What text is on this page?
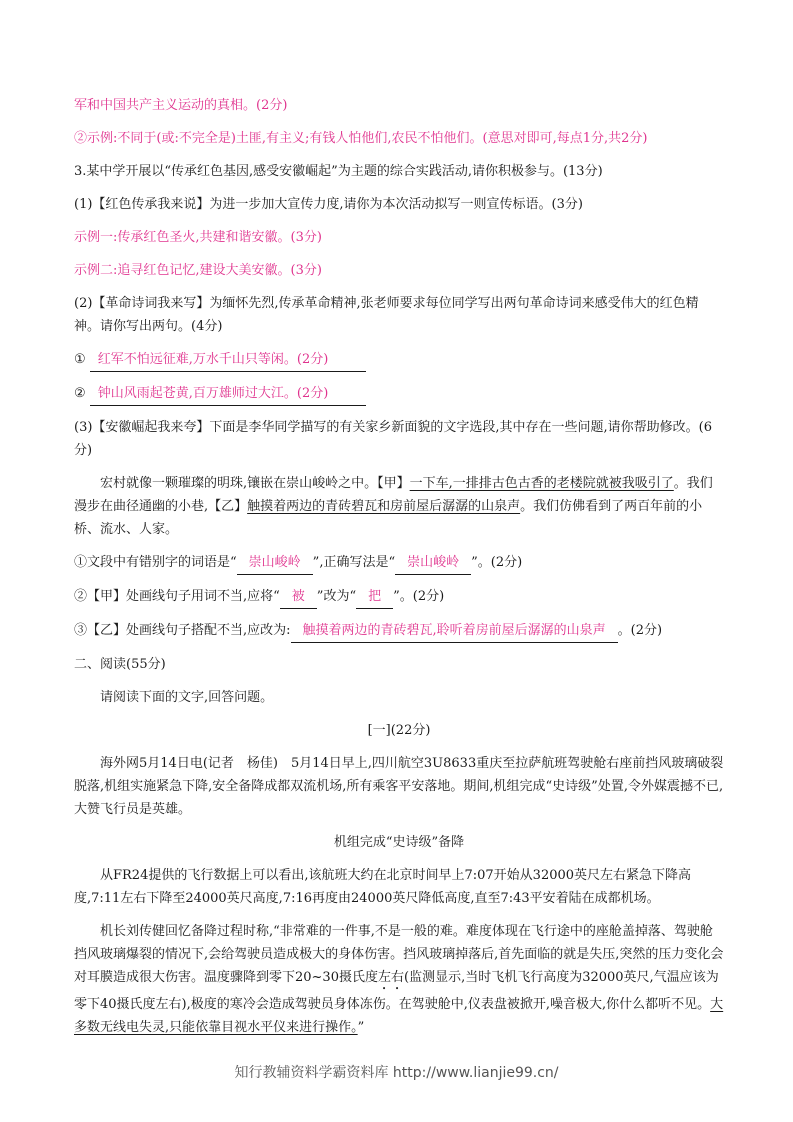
军和中国共产主义运动的真相。(2分)

②示例:不同于(或:不完全是)土匪,有主义;有钱人怕他们,农民不怕他们。(意思对即可,每点1分,共2分)

3.某中学开展以“传承红色基因,感受安徽崛起”为主题的综合实践活动,请你积极参与。(13分)

(1)【红色传承我来说】为进一步加大宣传力度,请你为本次活动拟写一则宣传标语。(3分)

示例一:传承红色圣火,共建和谐安徽。(3分)

示例二:追寻红色记忆,建设大美安徽。(3分)

(2)【革命诗词我来写】为缅怀先烈,传承革命精神,张老师要求每位同学写出两句革命诗词来感受伟大的红色精神。请你写出两句。(4分)

① 红军不怕远征难,万水千山只等闲。(2分)

② 钟山风雨起苍黄,百万雄师过大江。(2分)

(3)【安徽崛起我来夸】下面是李华同学描写的有关家乡新面貌的文字选段,其中存在一些问题,请你帮助修改。(6分)

宏村就像一颗璀璨的明珠,镶嵌在崇山峻岭之中。【甲】一下车,一排排古色古香的老楼院就被我吸引了。我们漫步在曲径通幽的小巷,【乙】触摸着两边的青砖碧瓦和房前屋后潺潺的山泉声。我们仿佛看到了两百年前的小桥、流水、人家。

①文段中有错别字的词语是“ 崇山峻岭 ”,正确写法是“ 崇山峻岭 ”。(2分)

②【甲】处画线句子用词不当,应将“ 被 ”改为“ 把 ”。(2分)

③【乙】处画线句子搭配不当,应改为: 触摸着两边的青砖碧瓦,聆听着房前屋后潺潺的山泉声 。(2分)

二、阅读(55分)

请阅读下面的文字,回答问题。

[一](22分)

海外网5月14日电(记者　杨佳)　5月14日早上,四川航空3U8633重庆至拉萨航班驾驶舱右座前挡风玻璃破裂脱落,机组实施紧急下降,安全备降成都双流机场,所有乘客平安落地。期间,机组完成“史诗级”处置,令外媒震撼不已,大赞飞行员是英雄。

机组完成“史诗级”备降

从FR24提供的飞行数据上可以看出,该航班大约在北京时间早上7:07开始从32000英尺左右紧急下降高度,7:11左右下降至24000英尺高度,7:16再度由24000英尺降低高度,直至7:43平安着陆在成都机场。

机长刘传健回忆备降过程时称,“非常难的一件事,不是一般的难。难度体现在飞行途中的座舱盖掉落、驾驶舱挡风玻璃爆裂的情况下,会给驾驶员造成极大的身体伤害。挡风玻璃掉落后,首先面临的就是失压,突然的压力变化会对耳膜造成很大伤害。温度骤降到零下20~30摄氏度左右(监测显示,当时飞机飞行高度为32000英尺,气温应该为零下40摄氏度左右),极度的寒冷会造成驾驶员身体冻伤。在驾驶舱中,仪表盘被掀开,噪音极大,你什么都听不见。大多数无线电失灵,只能依靠目视水平仪来进行操作。”

知行教辅资料学霸资料库 http://www.lianjie99.cn/
